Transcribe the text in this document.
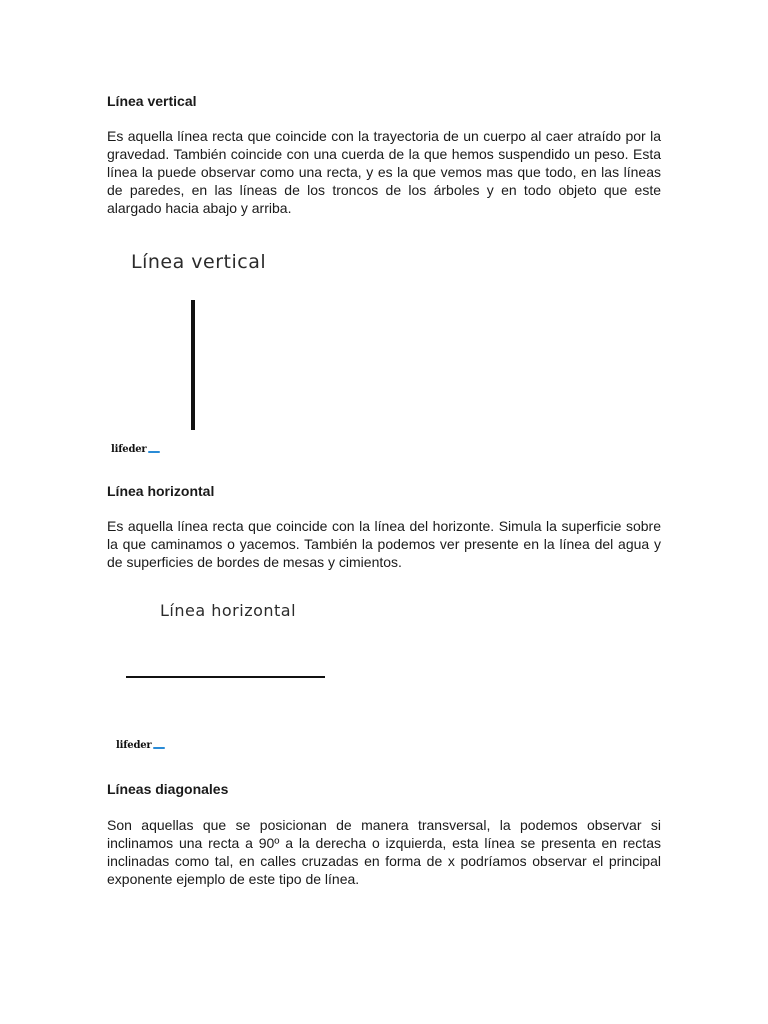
Línea vertical

Es aquella línea recta que coincide con la trayectoria de un cuerpo al caer atraído por la gravedad. También coincide con una cuerda de la que hemos suspendido un peso. Esta línea la puede observar como una recta, y es la que vemos mas que todo, en las líneas de paredes, en las líneas de los troncos de los árboles y en todo objeto que este alargado hacia abajo y arriba.

Línea vertical
lifeder
Línea horizontal

Es aquella línea recta que coincide con la línea del horizonte. Simula la superficie sobre la que caminamos o yacemos. También la podemos ver presente en la línea del agua y de superficies de bordes de mesas y cimientos.

Línea horizontal
lifeder
Líneas diagonales

Son aquellas que se posicionan de manera transversal, la podemos observar si inclinamos una recta a 90º a la derecha o izquierda, esta línea se presenta en rectas inclinadas como tal, en calles cruzadas en forma de x podríamos observar el principal exponente ejemplo de este tipo de línea.
